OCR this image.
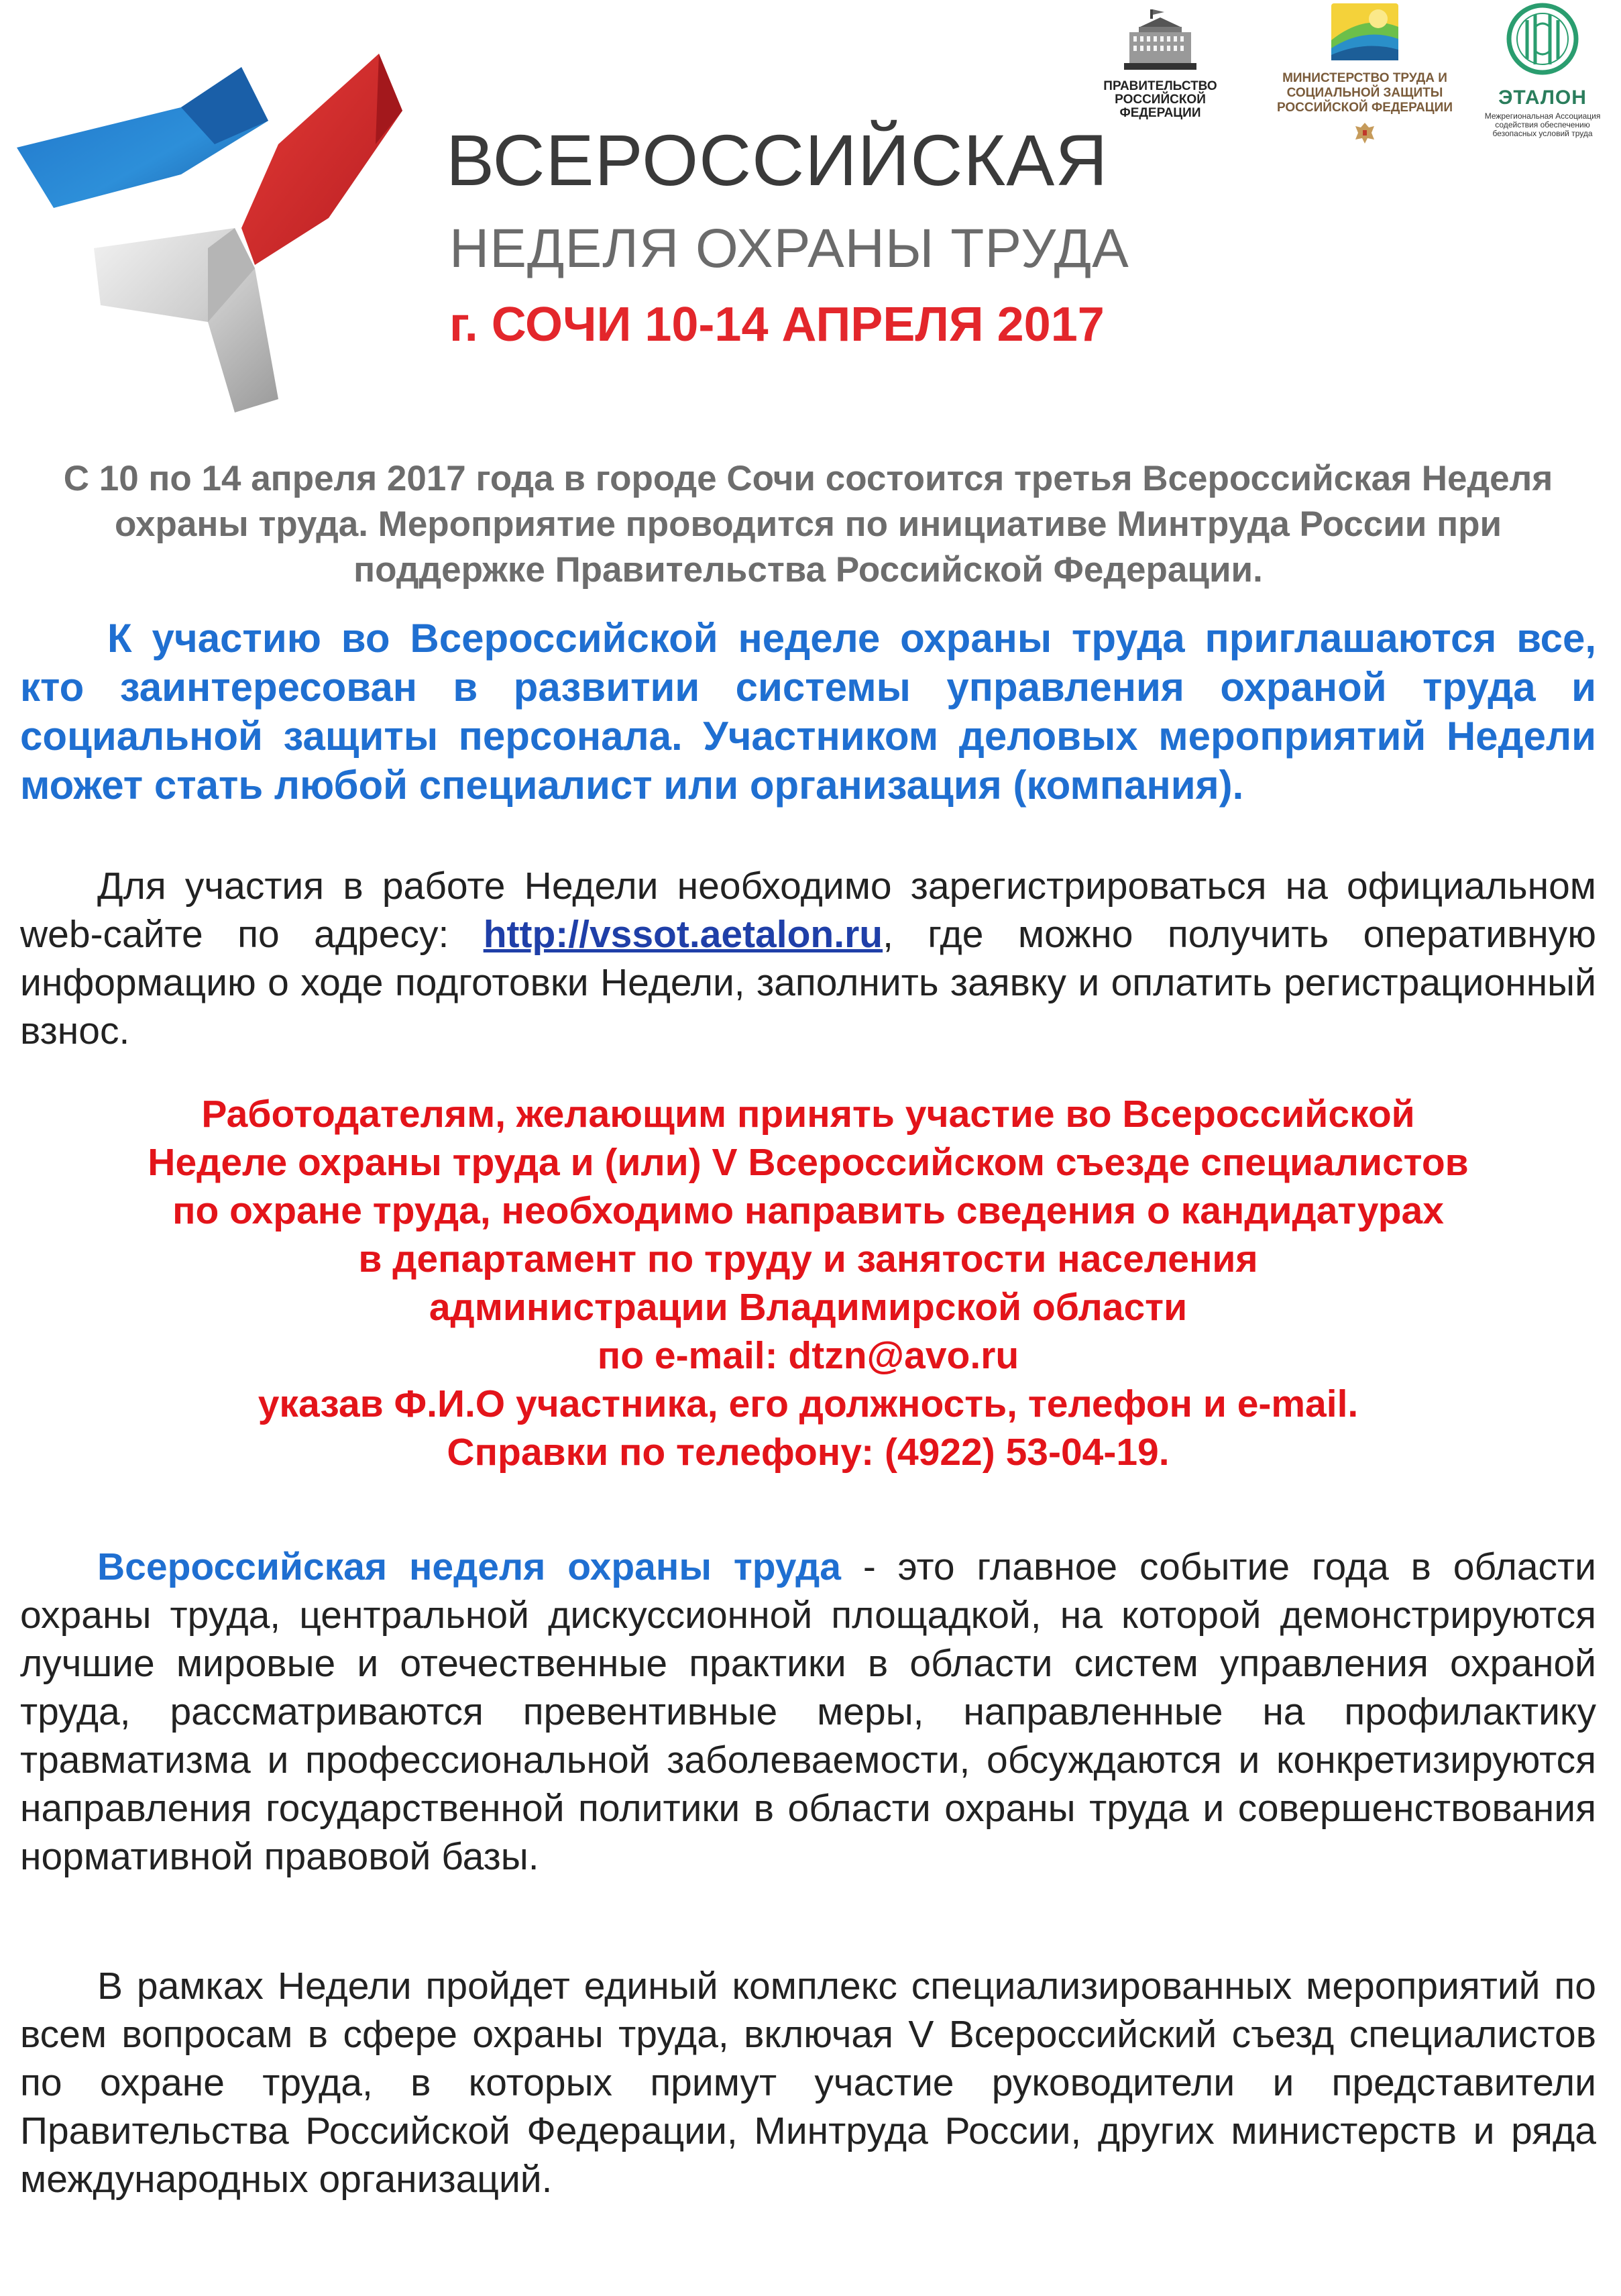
ВСЕРОССИЙСКАЯ
НЕДЕЛЯ ОХРАНЫ ТРУДА
г. СОЧИ 10-14 АПРЕЛЯ 2017
ПРАВИТЕЛЬСТВО РОССИЙСКОЙ ФЕДЕРАЦИИ
МИНИСТЕРСТВО ТРУДА И СОЦИАЛЬНОЙ ЗАЩИТЫ РОССИЙСКОЙ ФЕДЕРАЦИИ	ЭТАЛОН
Межрегиональная Ассоциация содействия обеспечению безопасных условий труда
С 10 по 14 апреля 2017 года в городе Сочи состоится третья Всероссийская Неделя охраны труда. Мероприятие проводится по инициативе Минтруда России при поддержке Правительства Российской Федерации.
К участию во Всероссийской неделе охраны труда приглашаются все, кто заинтересован в развитии системы управления охраной труда и социальной защиты персонала. Участником деловых мероприятий Недели может стать любой специалист или организация (компания).
Для участия в работе Недели необходимо зарегистрироваться на официальном web-сайте по адресу: http://vssot.aetalon.ru, где можно получить оперативную информацию о ходе подготовки Недели, заполнить заявку и оплатить регистрационный взнос.
Работодателям, желающим принять участие во Всероссийской
Неделе охраны труда и (или) V Всероссийском съезде специалистов
по охране труда, необходимо направить сведения о кандидатурах
в департамент по труду и занятости населения
администрации Владимирской области
по e-mail: dtzn@avo.ru
указав Ф.И.О участника, его должность, телефон и e-mail.
Справки по телефону: (4922) 53-04-19.
Всероссийская неделя охраны труда - это главное событие года в области охраны труда, центральной дискуссионной площадкой, на которой демонстрируются лучшие мировые и отечественные практики в области систем управления охраной труда, рассматриваются превентивные меры, направленные на профилактику травматизма и профессиональной заболеваемости, обсуждаются и конкретизируются направления государственной политики в области охраны труда и совершенствования нормативной правовой базы.
В рамках Недели пройдет единый комплекс специализированных мероприятий по всем вопросам в сфере охраны труда, включая V Всероссийский съезд специалистов по охране труда, в которых примут участие руководители и представители Правительства Российской Федерации, Минтруда России, других министерств и ряда международных организаций.
